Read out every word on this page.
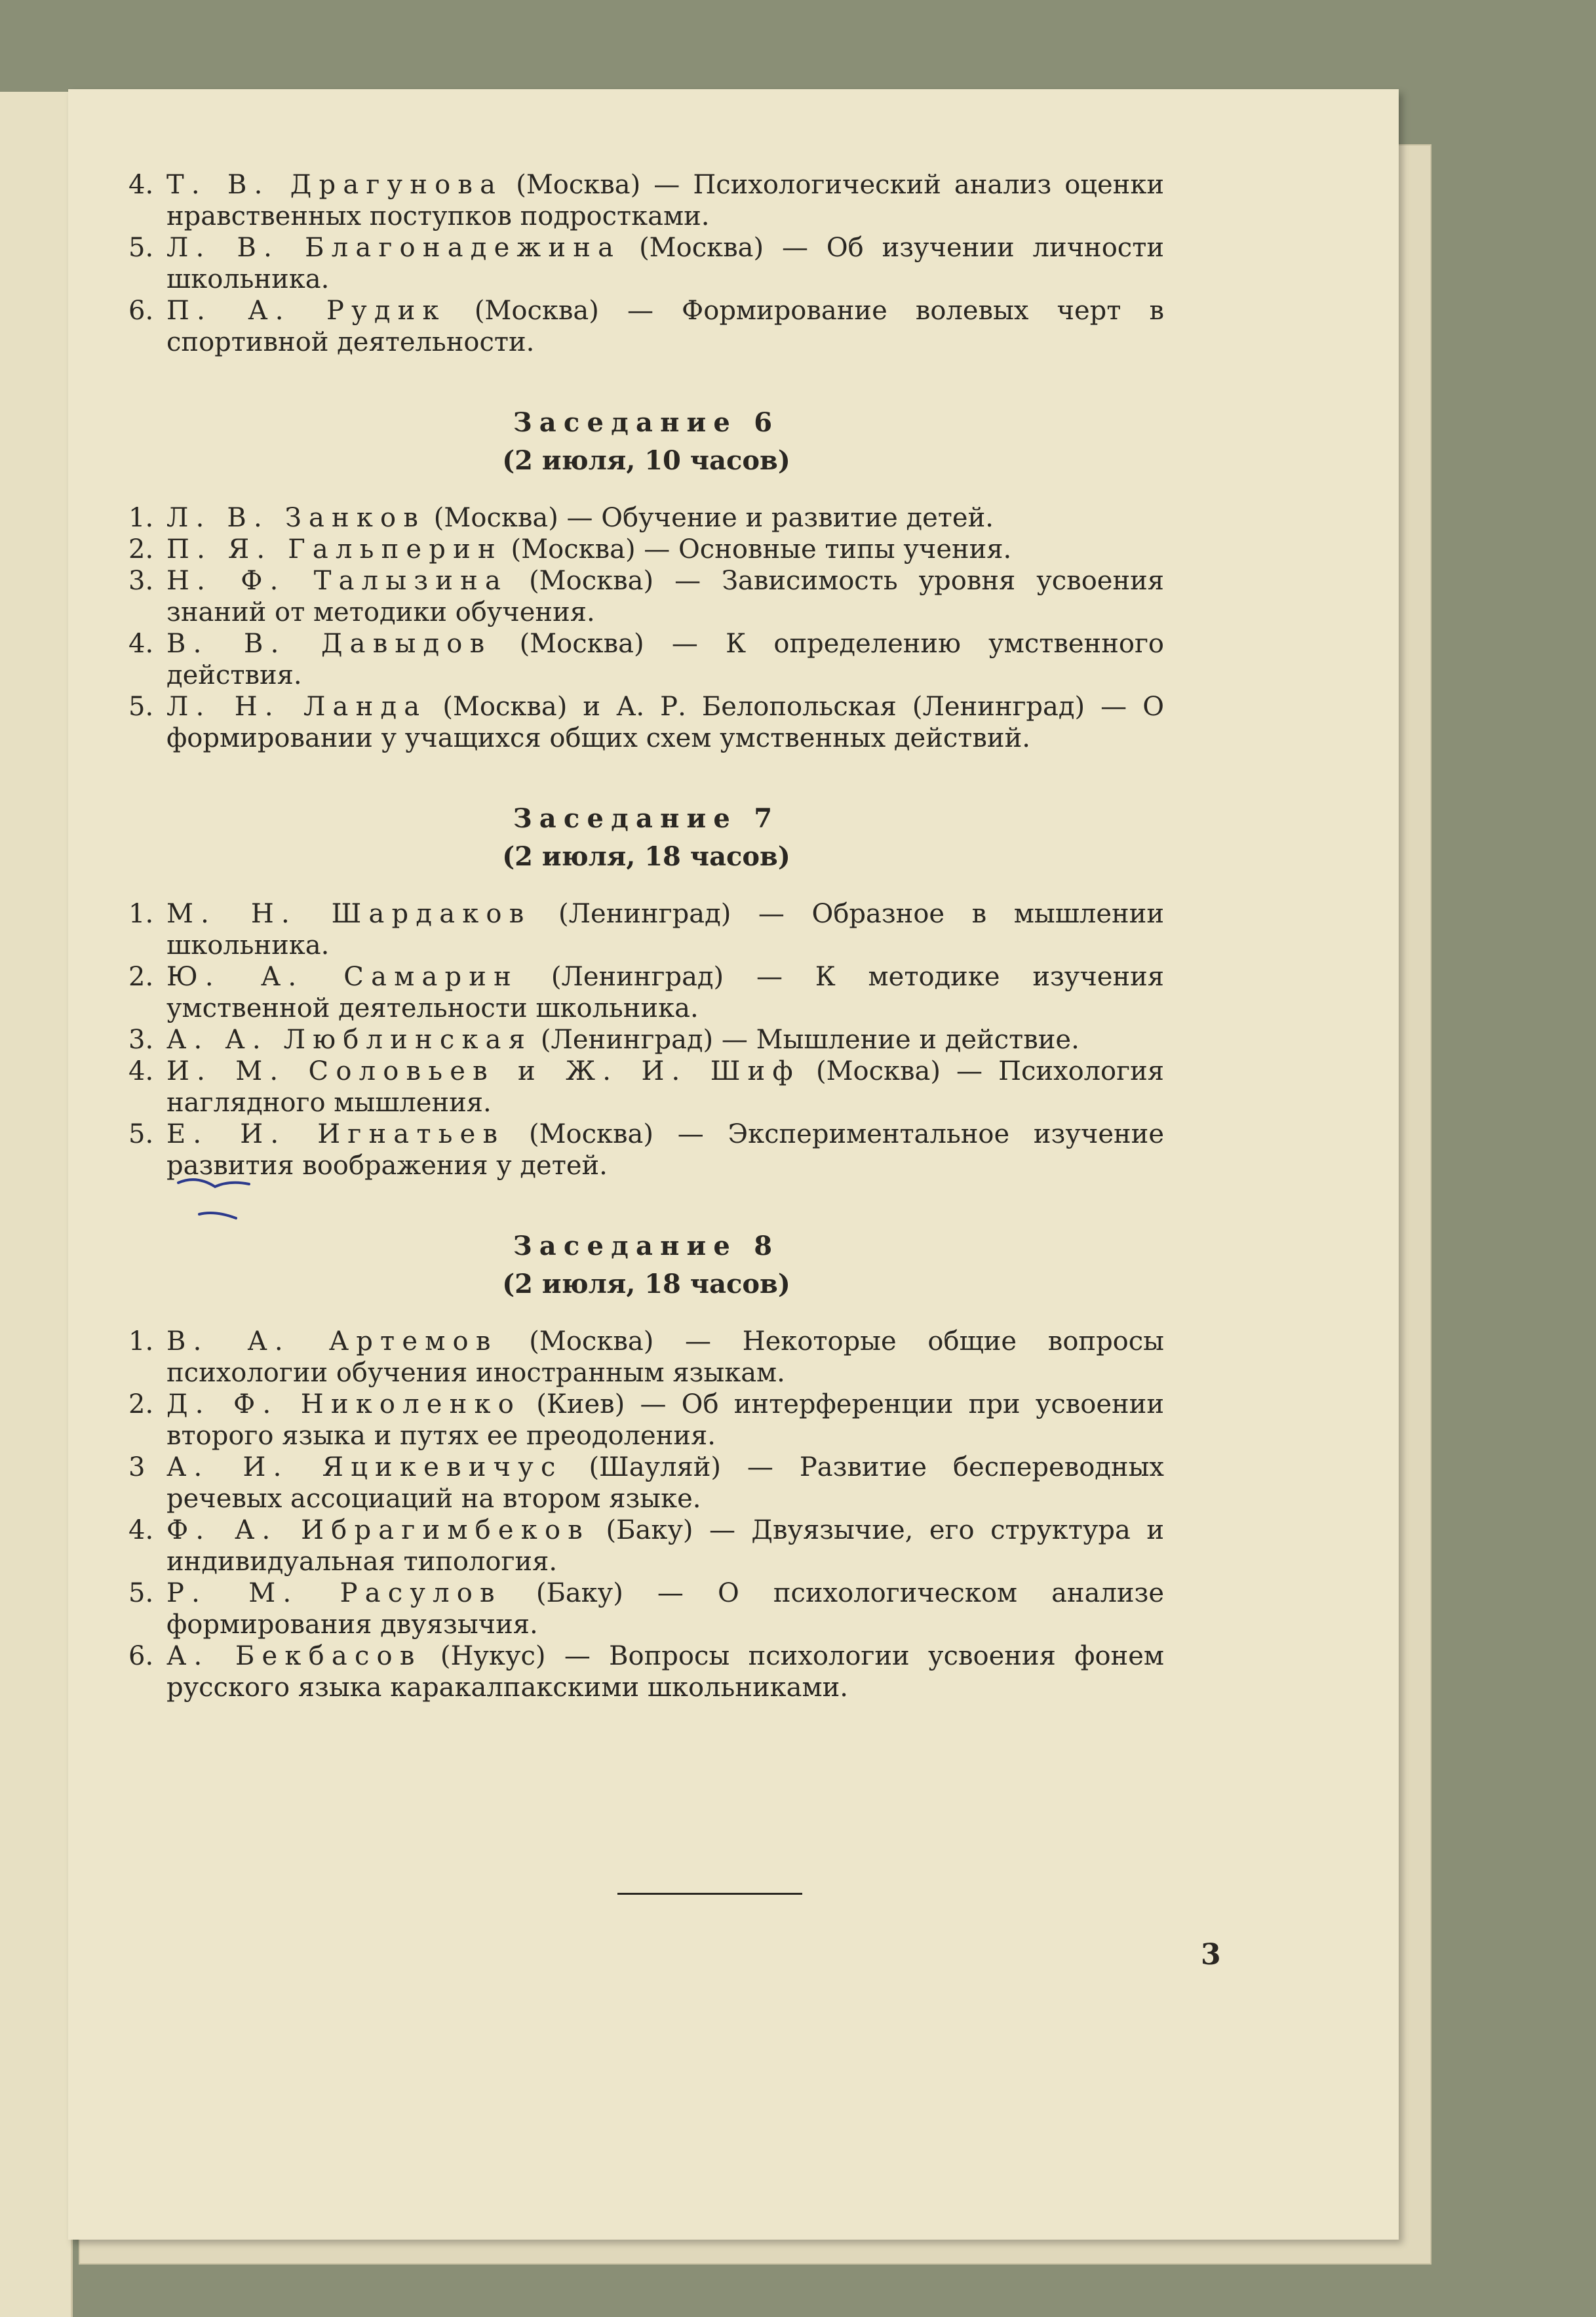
4. Т. В. Драгунова (Москва) — Психологический анализ оценки нравственных поступков подростками.
5. Л. В. Благонадежина (Москва) — Об изучении личности школьника.
6. П. А. Рудик (Москва) — Формирование волевых черт в спортивной деятельности.
Заседание 6
(2 июля, 10 часов)
1. Л. В. Занков (Москва) — Обучение и развитие детей.
2. П. Я. Гальперин (Москва) — Основные типы учения.
3. Н. Ф. Талызина (Москва) — Зависимость уровня усвоения знаний от методики обучения.
4. В. В. Давыдов (Москва) — К определению умственного действия.
5. Л. Н. Ланда (Москва) и А. Р. Белопольская (Ленинград) — О формировании у учащихся общих схем умственных действий.
Заседание 7
(2 июля, 18 часов)
1. М. Н. Шардаков (Ленинград) — Образное в мышлении школьника.
2. Ю. А. Самарин (Ленинград) — К методике изучения умственной деятельности школьника.
3. А. А. Люблинская (Ленинград) — Мышление и действие.
4. И. М. Соловьев и Ж. И. Шиф (Москва) — Психология наглядного мышления.
5. Е. И. Игнатьев (Москва) — Экспериментальное изучение развития воображения у детей.
Заседание 8
(2 июля, 18 часов)
1. В. А. Артемов (Москва) — Некоторые общие вопросы психологии обучения иностранным языкам.
2. Д. Ф. Николенко (Киев) — Об интерференции при усвоении второго языка и путях ее преодоления.
3 А. И. Яцикевичус (Шауляй) — Развитие беспереводных речевых ассоциаций на втором языке.
4. Ф. А. Ибрагимбеков (Баку) — Двуязычие, его структура и индивидуальная типология.
5. Р. М. Расулов (Баку) — О психологическом анализе формирования двуязычия.
6. А. Бекбасов (Нукус) — Вопросы психологии усвоения фонем русского языка каракалпакскими школьниками.
3
